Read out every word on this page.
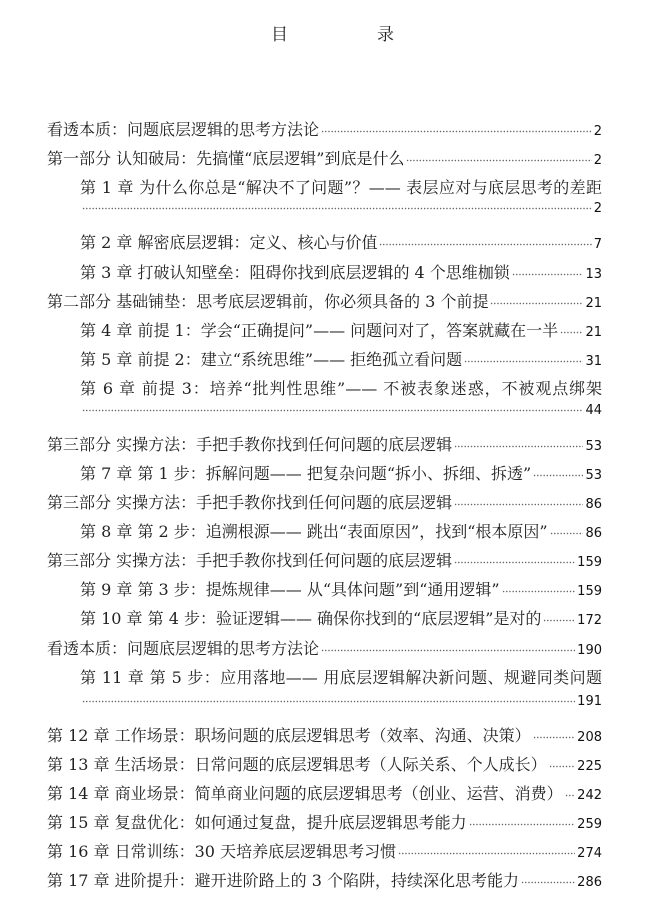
目　录
看透本质：问题底层逻辑的思考方法论	2
第一部分 认知破局：先搞懂“底层逻辑”到底是什么	2
第 1 章 为什么你总是“解决不了问题”？—— 表层应对与底层思考的差距
2
第 2 章 解密底层逻辑：定义、核心与价值	7
第 3 章 打破认知壁垒：阻碍你找到底层逻辑的 4 个思维枷锁	13
第二部分 基础铺垫：思考底层逻辑前，你必须具备的 3 个前提	21
第 4 章 前提 1：学会“正确提问”—— 问题问对了，答案就藏在一半 21
第 5 章 前提 2：建立“系统思维”—— 拒绝孤立看问题	31
第 6 章 前提 3：培养“批判性思维”—— 不被表象迷惑，不被观点绑架
44
第三部分 实操方法：手把手教你找到任何问题的底层逻辑	53
第 7 章 第 1 步：拆解问题—— 把复杂问题“拆小、拆细、拆透”	53
第三部分 实操方法：手把手教你找到任何问题的底层逻辑	86
第 8 章 第 2 步：追溯根源—— 跳出“表面原因”，找到“根本原因”	86
第三部分 实操方法：手把手教你找到任何问题的底层逻辑	159
第 9 章 第 3 步：提炼规律—— 从“具体问题”到“通用逻辑”	159
第 10 章 第 4 步：验证逻辑—— 确保你找到的“底层逻辑”是对的	172
看透本质：问题底层逻辑的思考方法论	190
第 11 章 第 5 步：应用落地—— 用底层逻辑解决新问题、规避同类问题
191
第 12 章 工作场景：职场问题的底层逻辑思考（效率、沟通、决策）	208
第 13 章 生活场景：日常问题的底层逻辑思考（人际关系、个人成长） 225
第 14 章 商业场景：简单商业问题的底层逻辑思考（创业、运营、消费） 242
第 15 章 复盘优化：如何通过复盘，提升底层逻辑思考能力	259
第 16 章 日常训练：30 天培养底层逻辑思考习惯	274
第 17 章 进阶提升：避开进阶路上的 3 个陷阱，持续深化思考能力	286
